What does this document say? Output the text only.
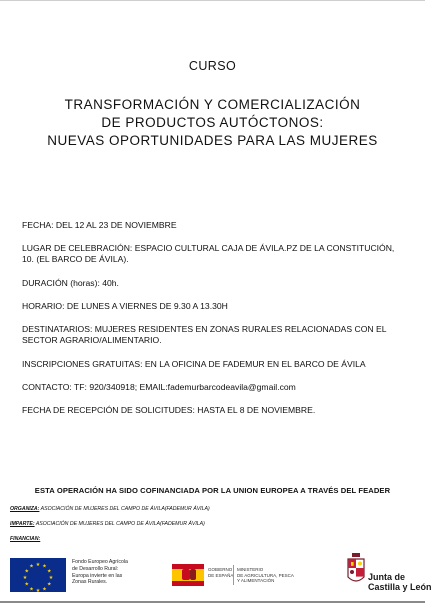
CURSO
TRANSFORMACIÓN Y COMERCIALIZACIÓN
DE PRODUCTOS AUTÓCTONOS:
NUEVAS OPORTUNIDADES PARA LAS MUJERES
FECHA: DEL 12 AL 23 DE NOVIEMBRE
LUGAR DE CELEBRACIÓN: ESPACIO CULTURAL CAJA DE ÁVILA.PZ DE LA CONSTITUCIÓN, 10. (EL BARCO DE ÁVILA).
DURACIÓN (horas): 40h.
HORARIO: DE LUNES A VIERNES DE 9.30 A 13.30H
DESTINATARIOS: MUJERES RESIDENTES EN ZONAS RURALES RELACIONADAS CON EL SECTOR AGRARIO/ALIMENTARIO.
INSCRIPCIONES GRATUITAS: EN LA OFICINA DE FADEMUR EN EL BARCO DE ÁVILA
CONTACTO: TF: 920/340918; EMAIL:fademurbarcodeavila@gmail.com
FECHA DE RECEPCIÓN DE SOLICITUDES: HASTA EL 8 DE NOVIEMBRE.
ESTA OPERACIÓN HA SIDO COFINANCIADA POR LA UNION EUROPEA A TRAVÉS DEL FEADER
ORGANIZA: ASOCIACIÓN DE MUJERES DEL CAMPO DE ÁVILA(FADEMUR ÁVILA)
IMPARTE: ASOCIACIÓN DE MUJERES DEL CAMPO DE ÁVILA(FADEMUR ÁVILA)
FINANCIAN:
★ ★
★
★
★
★
★
★
★
★
★
★
Fondo Europeo Agrícola
de Desarrollo Rural:
Europa invierte en las
Zonas Rurales.
GOBIERNO
DE ESPAÑA
MINISTERIO
DE AGRICULTURA, PESCA
Y ALIMENTACIÓN	Junta de
Castilla y León
